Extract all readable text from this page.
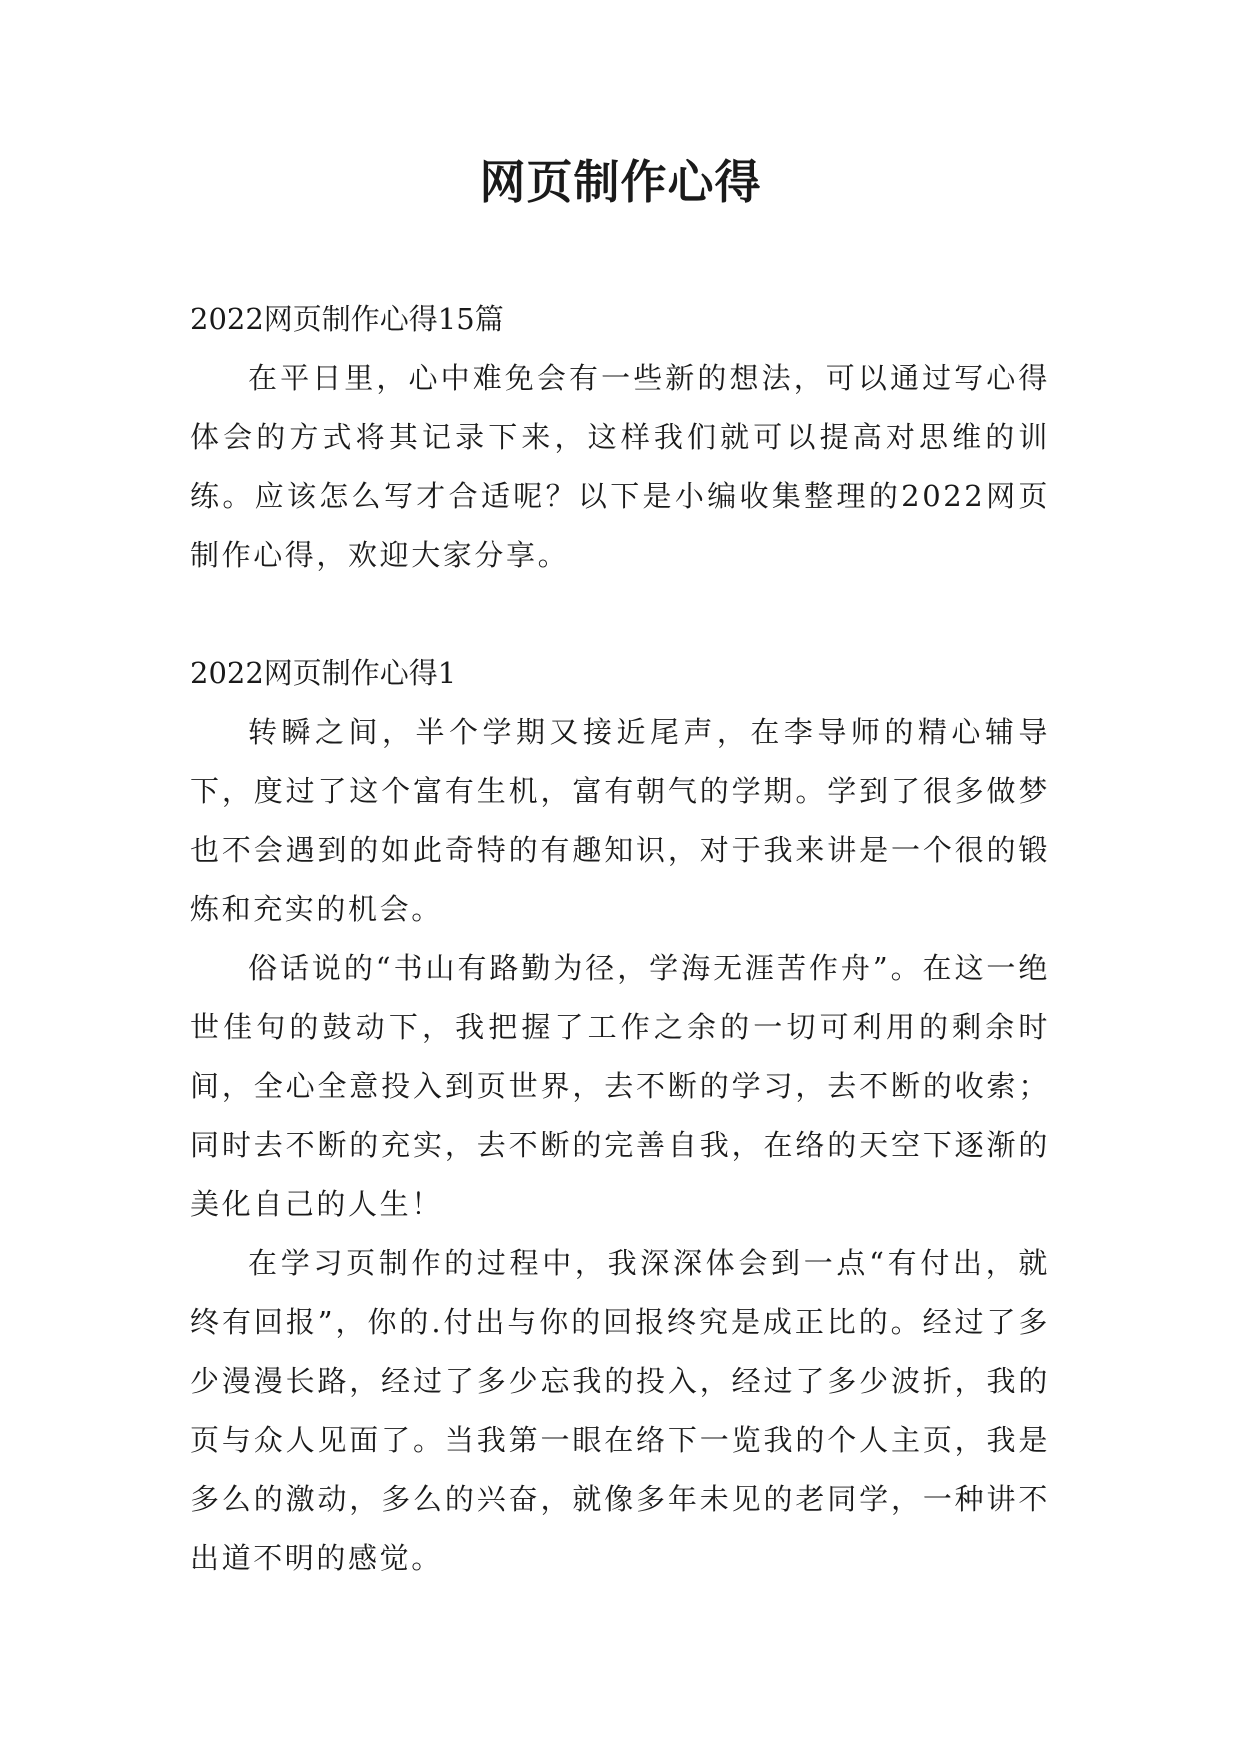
网页制作心得

2022网页制作心得15篇

在平日里，心中难免会有一些新的想法，可以通过写心得体会的方式将其记录下来，这样我们就可以提高对思维的训练。应该怎么写才合适呢？以下是小编收集整理的2022网页制作心得，欢迎大家分享。

2022网页制作心得1

转瞬之间，半个学期又接近尾声，在李导师的精心辅导下，度过了这个富有生机，富有朝气的学期。学到了很多做梦也不会遇到的如此奇特的有趣知识，对于我来讲是一个很的锻炼和充实的机会。

俗话说的“书山有路勤为径，学海无涯苦作舟”。在这一绝世佳句的鼓动下，我把握了工作之余的一切可利用的剩余时间，全心全意投入到页世界，去不断的学习，去不断的收索；同时去不断的充实，去不断的完善自我，在络的天空下逐渐的美化自己的人生！

在学习页制作的过程中，我深深体会到一点“有付出，就终有回报”，你的.付出与你的回报终究是成正比的。经过了多少漫漫长路，经过了多少忘我的投入，经过了多少波折，我的页与众人见面了。当我第一眼在络下一览我的个人主页，我是多么的激动，多么的兴奋，就像多年未见的老同学，一种讲不出道不明的感觉。
